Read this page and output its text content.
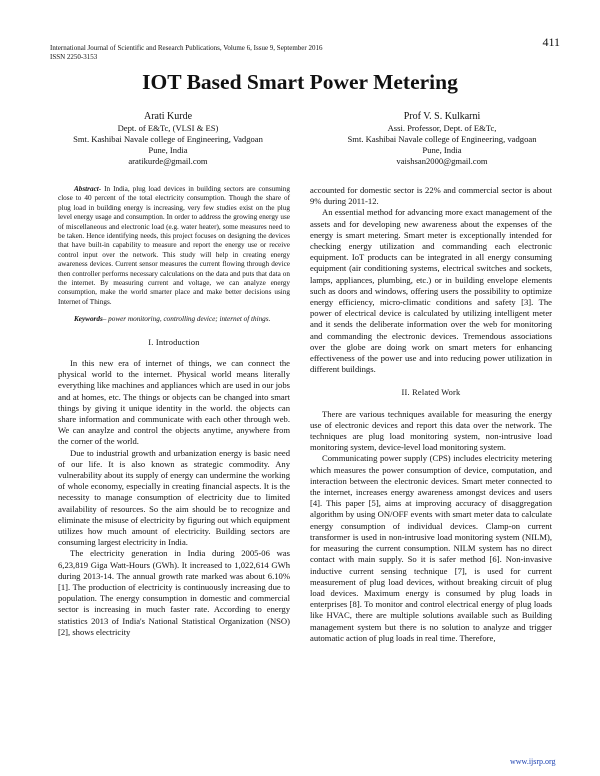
International Journal of Scientific and Research Publications, Volume 6, Issue 9, September 2016
ISSN 2250-3153
411
IOT Based Smart Power Metering
Arati Kurde
Dept. of E&Tc, (VLSI & ES)
Smt. Kashibai Navale college of Engineering, Vadgoan
Pune, India
aratikurde@gmail.com
Prof V. S. Kulkarni
Assi. Professor, Dept. of E&Tc,
Smt. Kashibai Navale college of Engineering, vadgoan
Pune, India
vaishsan2000@gmail.com

Abstract- In India, plug load devices in building sectors are consuming close to 40 percent of the total electricity consumption. Though the share of plug load in building energy is increasing, very few studies exist on the plug level energy usage and consumption. In order to address the growing energy use of miscellaneous and electronic load (e.g. water heater), some measures need to be taken. Hence identifying needs, this project focuses on designing the devices that have built-in capability to measure and report the energy use or receive control input over the network. This study will help in creating energy awareness devices. Current sensor measures the current flowing through device then controller performs necessary calculations on the data and puts that data on the internet. By measuring current and voltage, we can analyze energy consumption, make the world smarter place and make better decisions using Internet of Things.

Keywords– power monitoring, controlling device; internet of things.

I. Introduction

In this new era of internet of things, we can connect the physical world to the internet. Physical world means literally everything like machines and appliances which are used in our jobs and at homes, etc. The things or objects can be changed into smart things by giving it unique identity in the world. the objects can share information and communicate with each other through web. We can anaylze and control the objects anytime, anywhere from the corner of the world.

Due to industrial growth and urbanization energy is basic need of our life. It is also known as strategic commodity. Any vulnerability about its supply of energy can undermine the working of whole economy, especially in creating financial aspects. It is the necessity to manage consumption of electricity due to limited availability of resources. So the aim should be to recognize and eliminate the misuse of electricity by figuring out which equipment utilizes how much amount of electricity. Building sectors are consuming largest electricity in India.

The electricity generation in India during 2005-06 was 6,23,819 Giga Watt-Hours (GWh). It increased to 1,022,614 GWh during 2013-14. The annual growth rate marked was about 6.10% [1]. The production of electricity is continuously increasing due to population. The energy consumption in domestic and commercial sector is increasing in much faster rate. According to energy statistics 2013 of India's National Statistical Organization (NSO) [2], shows electricity

accounted for domestic sector is 22% and commercial sector is about 9% during 2011-12.

An essential method for advancing more exact management of the assets and for developing new awareness about the expenses of the energy is smart metering. Smart meter is exceptionally intended for checking energy utilization and commanding each electronic equipment. IoT products can be integrated in all energy consuming equipment (air conditioning systems, electrical switches and sockets, lamps, appliances, plumbing, etc.) or in building envelope elements such as doors and windows, offering users the possibility to optimize energy efficiency, micro-climatic conditions and safety [3]. The power of electrical device is calculated by utilizing intelligent meter and it sends the deliberate information over the web for monitoring and commanding the electronic devices. Tremendous associations over the globe are doing work on smart meters for enhancing effectiveness of the power use and into reducing power utilization in different buildings.

II. Related Work

There are various techniques available for measuring the energy use of electronic devices and report this data over the network. The techniques are plug load monitoring system, non-intrusive load monitoring system, device-level load monitoring system.

Communicating power supply (CPS) includes electricity metering which measures the power consumption of device, computation, and interaction between the electronic devices. Smart meter connected to the internet, increases energy awareness amongst devices and users [4]. This paper [5], aims at improving accuracy of disaggregation algorithm by using ON/OFF events with smart meter data to calculate energy consumption of individual devices. Clamp-on current transformer is used in non-intrusive load monitoring system (NILM), for measuring the current consumption. NILM system has no direct contact with main supply. So it is safer method [6]. Non-invasive inductive current sensing technique [7], is used for current measurement of plug load devices, without breaking circuit of plug load devices. Maximum energy is consumed by plug loads in enterprises [8]. To monitor and control electrical energy of plug loads like HVAC, there are multiple solutions available such as Building management system but there is no solution to analyze and trigger automatic action of plug loads in real time. Therefore,

www.ijsrp.org
